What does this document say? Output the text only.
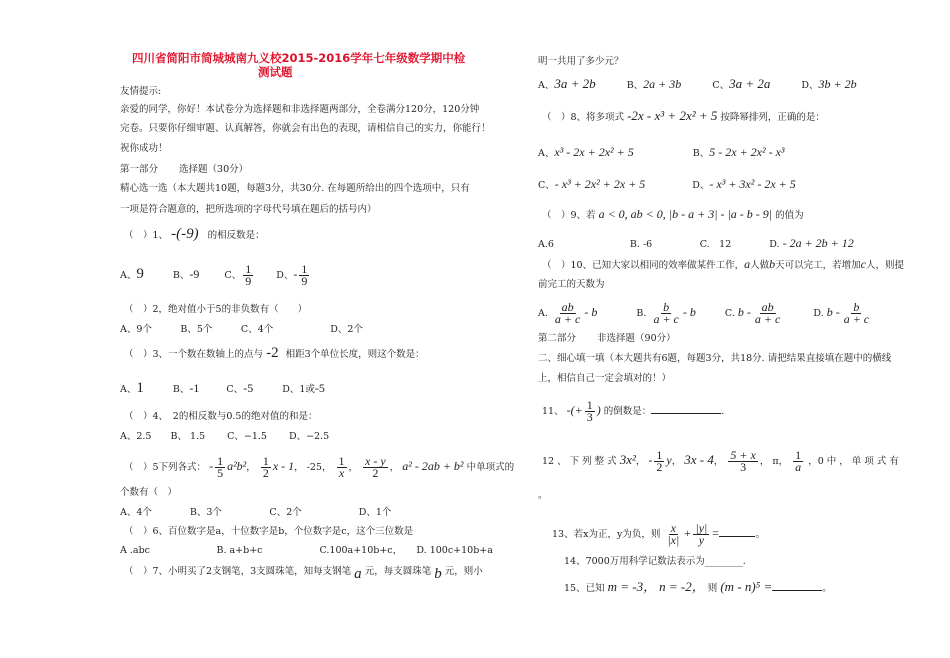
四川省简阳市简城城南九义校2015-2016学年七年级数学期中检
测试题
友情提示:
亲爱的同学，你好！本试卷分为选择题和非选择题两部分，全卷满分120分，120分钟
完卷。只要你仔细审题、认真解答，你就会有出色的表现，请相信自己的实力，你能行！
祝你成功！
第一部分 选择题（30分）
精心选一选（本大题共10题，每题3分，共30分. 在每题所给出的四个选项中，只有
一项是符合题意的，把所选项的字母代号填在题后的括号内）
（　）1、 -(-9) 的相反数是：
A、9	B、-9	C、 $\frac{1}{9}$ D、- $\frac{1}{9}$
（　）2，绝对值小于5的非负数有（　　）
A、9个　　　B、5个　　　C、4个　　　　　　D、2个
（　）3、一个数在数轴上的点与 -2 相距3个单位长度，则这个数是：
A、1	B、-1	C、-5	D、1或-5
（　）4、　2的相反数与0.5的绝对值的和是：
A、2.5　　B、 1.5　　 C、−1.5　　 D、−2.5
（　）5下列各式： - $\frac{1}{5} a^2b^2$， $\frac{1}{2}$ x - 1， -25， $\frac{1}{x}$ ， $\frac{x - y}{2}$ ， a² - 2ab + b² 中单项式的
个数有（　）
A、4个　　　　B、3个　　　　　C、2个　　　　　　D、1个
（　）6、百位数字是a，十位数字是b，个位数字是c，这个三位数是
A .abc　　　　　　　B. a+b+c　　　　　　C.100a+10b+c，　　D. 100c+10b+a
（　）7、小明买了2支钢笔，3支圆珠笔，知每支钢笔 a 元，每支圆珠笔 b 元，则小
明一共用了多少元？
A、3a + 2b	B、2a + 3b	C、3a + 2a	D、3b + 2b
（　）8、将多项式 -2x - x³ + 2x² + 5 按降幂排列，正确的是：
A、x³ - 2x + 2x² + 5	B、5 - 2x + 2x² - x³
C、- x³ + 2x² + 2x + 5	D、- x³ + 3x² - 2x + 5
（　）9、若 a < 0, ab < 0, |b - a + 3| - |a - b - 9| 的值为
A.6　　　　　　　　B. -6　　　　　C.　12　　　　D. - 2a + 2b + 12
（　）10、已知大家以相同的效率做某件工作，a人做b天可以完工，若增加c人，则提
前完工的天数为
A. $\frac{ab}{a + c}$ - b	B. $\frac{b}{a + c}$ - b	C. b - $\frac{ab}{a + c}$	D. b - $\frac{b}{a + c}$
第二部分 非选择题（90分）
二、细心填一填（本大题共有6题，每题3分，共18分. 请把结果直接填在题中的横线
上，相信自己一定会填对的！）
11、 -(+ $\frac{1}{3}$ ) 的倒数是：	.
12 、 下 列 整 式 3x²， - $\frac{1}{2}$ y， 3x - 4， $\frac{5 + x}{3}$ ， π， $\frac{1}{a}$ ，0 中 ， 单 项 式 有
。
13、若x为正，y为负，则 $\frac{x}{|x|} + \frac{|y|}{y}$ =	。
14、7000万用科学记数法表示为________.
15、已知 m = -3， n = -2， 则 (m - n)⁵ =	。
